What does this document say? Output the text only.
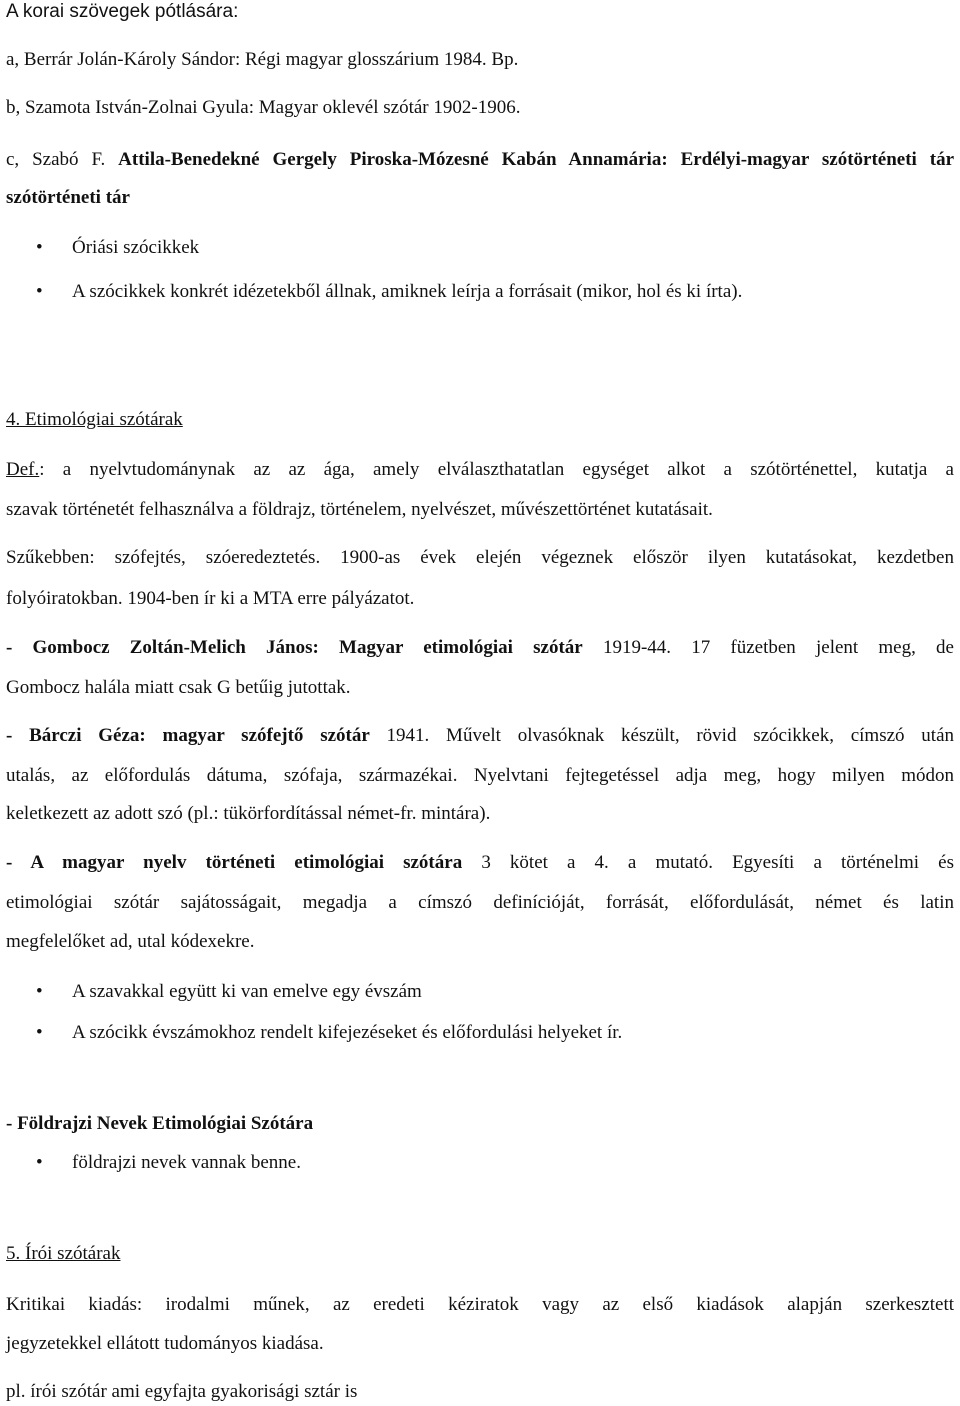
A korai szövegek pótlására:
a, Berrár Jolán-Károly Sándor: Régi magyar glosszárium 1984. Bp.
b, Szamota István-Zolnai Gyula: Magyar oklevél szótár 1902-1906.
c, Szabó F. Attila-Benedekné Gergely Piroska-Mózesné Kabán Annamária: Erdélyi-magyar szótörténeti tár
szótörténeti tár
• Óriási szócikkek
• A szócikkek konkrét idézetekből állnak, amiknek leírja a forrásait (mikor, hol és ki írta).
4. Etimológiai szótárak
Def.: a nyelvtudománynak az az ága, amely elválaszthatatlan egységet alkot a szótörténettel, kutatja a
szavak történetét felhasználva a földrajz, történelem, nyelvészet, művészettörténet kutatásait.
Szűkebben: szófejtés, szóeredeztetés. 1900-as évek elején végeznek először ilyen kutatásokat, kezdetben
folyóiratokban. 1904-ben ír ki a MTA erre pályázatot.
- Gombocz Zoltán-Melich János: Magyar etimológiai szótár 1919-44. 17 füzetben jelent meg, de
Gombocz halála miatt csak G betűig jutottak.
- Bárczi Géza: magyar szófejtő szótár 1941. Művelt olvasóknak készült, rövid szócikkek, címszó után
utalás, az előfordulás dátuma, szófaja, származékai. Nyelvtani fejtegetéssel adja meg, hogy milyen módon
keletkezett az adott szó (pl.: tükörfordítással német-fr. mintára).
- A magyar nyelv történeti etimológiai szótára 3 kötet a 4. a mutató. Egyesíti a történelmi és
etimológiai szótár sajátosságait, megadja a címszó definícióját, forrását, előfordulását, német és latin
megfelelőket ad, utal kódexekre.
• A szavakkal együtt ki van emelve egy évszám
• A szócikk évszámokhoz rendelt kifejezéseket és előfordulási helyeket ír.
- Földrajzi Nevek Etimológiai Szótára
• földrajzi nevek vannak benne.
5. Írói szótárak
Kritikai kiadás: irodalmi műnek, az eredeti kéziratok vagy az első kiadások alapján szerkesztett
jegyzetekkel ellátott tudományos kiadása.
pl. írói szótár ami egyfajta gyakorisági sztár is
